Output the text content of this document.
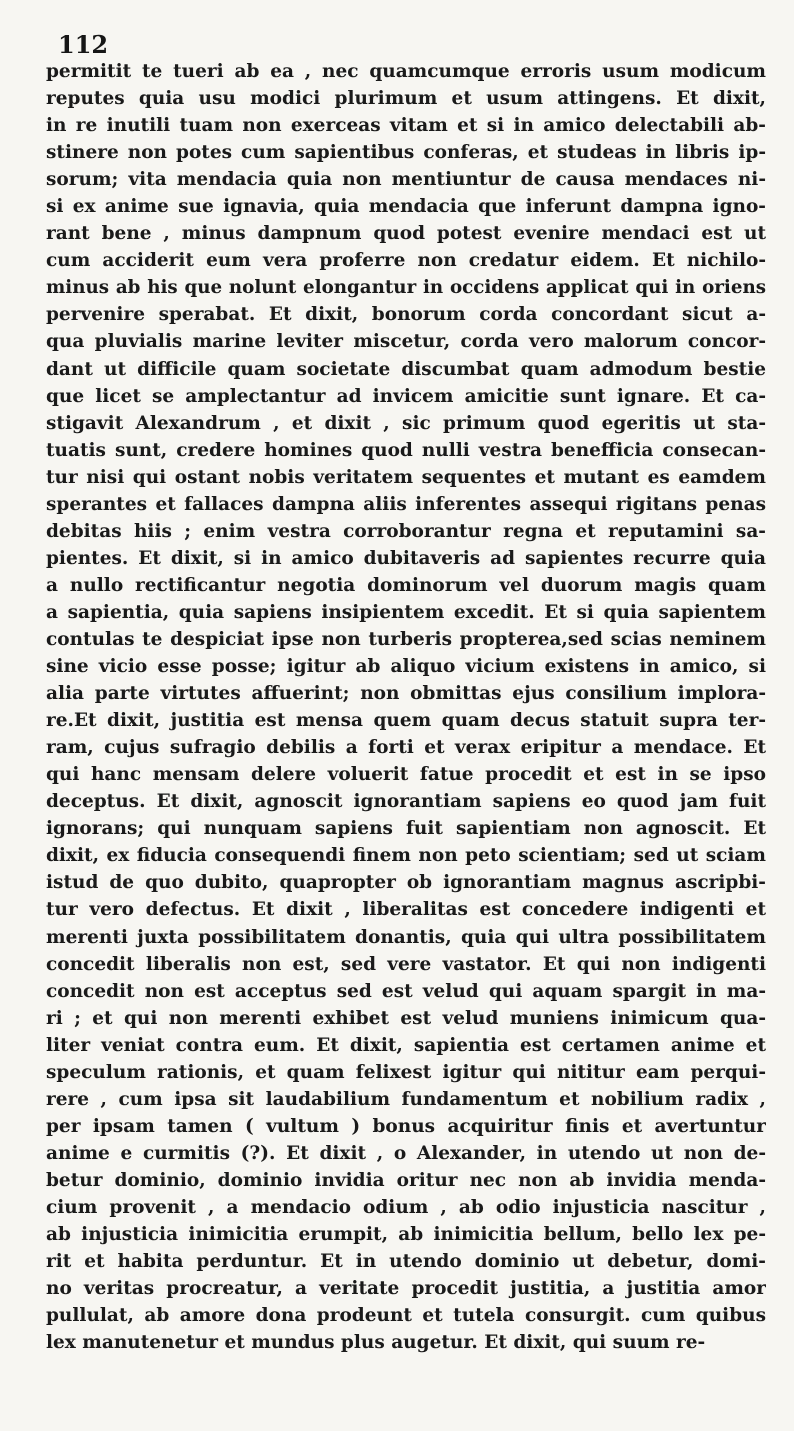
112
permitit te tueri ab ea , nec quamcumque erroris usum modicum
reputes quia usu modici plurimum et usum attingens. Et dixit,
in re inutili tuam non exerceas vitam et si in amico delectabili ab-
stinere non potes cum sapientibus conferas, et studeas in libris ip-
sorum; vita mendacia quia non mentiuntur de causa mendaces ni-
si ex anime sue ignavia, quia mendacia que inferunt dampna igno-
rant bene , minus dampnum quod potest evenire mendaci est ut
cum acciderit eum vera proferre non credatur eidem. Et nichilo-
minus ab his que nolunt elongantur in occidens applicat qui in oriens
pervenire sperabat. Et dixit, bonorum corda concordant sicut a-
qua pluvialis marine leviter miscetur, corda vero malorum concor-
dant ut difficile quam societate discumbat quam admodum bestie
que licet se amplectantur ad invicem amicitie sunt ignare. Et ca-
stigavit Alexandrum , et dixit , sic primum quod egeritis ut sta-
tuatis sunt, credere homines quod nulli vestra benefficia consecan-
tur nisi qui ostant nobis veritatem sequentes et mutant es eamdem
sperantes et fallaces dampna aliis inferentes assequi rigitans penas
debitas hiis ; enim vestra corroborantur regna et reputamini sa-
pientes. Et dixit, si in amico dubitaveris ad sapientes recurre quia
a nullo rectificantur negotia dominorum vel duorum magis quam
a sapientia, quia sapiens insipientem excedit. Et si quia sapientem
contulas te despiciat ipse non turberis propterea,sed scias neminem
sine vicio esse posse; igitur ab aliquo vicium existens in amico, si
alia parte virtutes affuerint; non obmittas ejus consilium implora-
re.Et dixit, justitia est mensa quem quam decus statuit supra ter-
ram, cujus sufragio debilis a forti et verax eripitur a mendace. Et
qui hanc mensam delere voluerit fatue procedit et est in se ipso
deceptus. Et dixit, agnoscit ignorantiam sapiens eo quod jam fuit
ignorans; qui nunquam sapiens fuit sapientiam non agnoscit. Et
dixit, ex fiducia consequendi finem non peto scientiam; sed ut sciam
istud de quo dubito, quapropter ob ignorantiam magnus ascripbi-
tur vero defectus. Et dixit , liberalitas est concedere indigenti et
merenti juxta possibilitatem donantis, quia qui ultra possibilitatem
concedit liberalis non est, sed vere vastator. Et qui non indigenti
concedit non est acceptus sed est velud qui aquam spargit in ma-
ri ; et qui non merenti exhibet est velud muniens inimicum qua-
liter veniat contra eum. Et dixit, sapientia est certamen anime et
speculum rationis, et quam felixest igitur qui nititur eam perqui-
rere , cum ipsa sit laudabilium fundamentum et nobilium radix ,
per ipsam tamen ( vultum ) bonus acquiritur finis et avertuntur
anime e curmitis (?). Et dixit , o Alexander, in utendo ut non de-
betur dominio, dominio invidia oritur nec non ab invidia menda-
cium provenit , a mendacio odium , ab odio injusticia nascitur ,
ab injusticia inimicitia erumpit, ab inimicitia bellum, bello lex pe-
rit et habita perduntur. Et in utendo dominio ut debetur, domi-
no veritas procreatur, a veritate procedit justitia, a justitia amor
pullulat, ab amore dona prodeunt et tutela consurgit. cum quibus
lex manutenetur et mundus plus augetur. Et dixit, qui suum re-
